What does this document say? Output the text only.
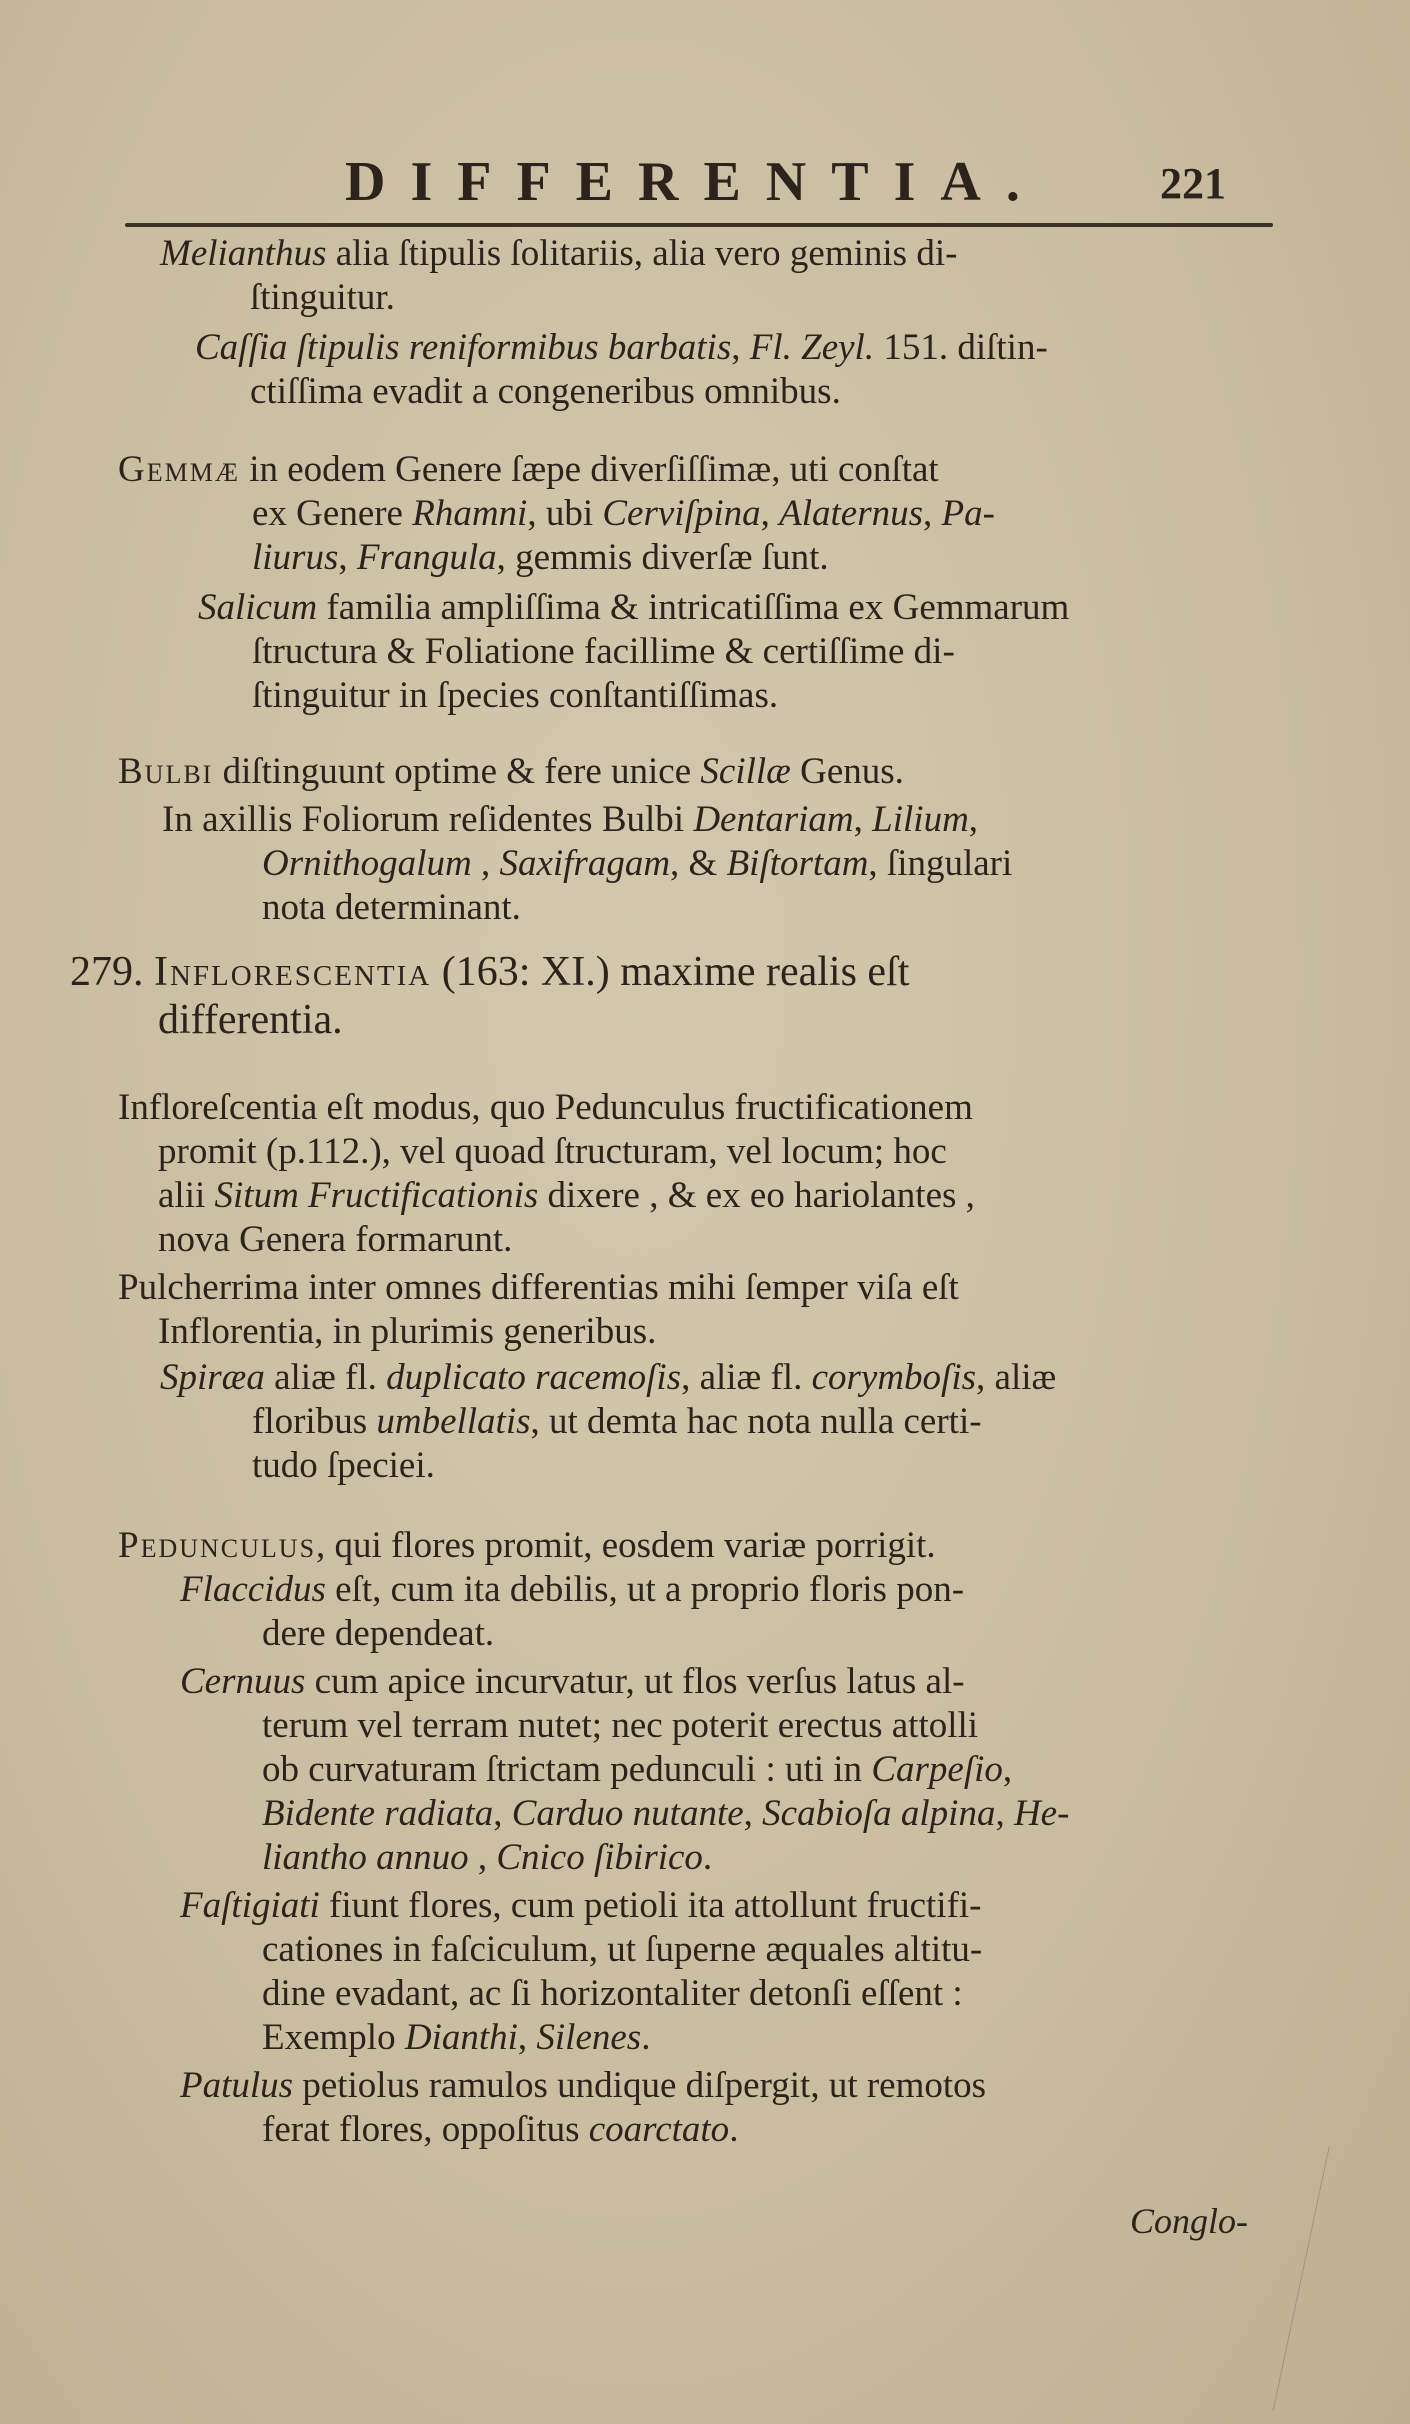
DIFFERENTIA.	221
Melianthus alia ſtipulis ſolitariis, alia vero geminis di-
ſtinguitur.
Caſſia ſtipulis reniformibus barbatis, Fl. Zeyl. 151. diſtin-
ctiſſima evadit a congeneribus omnibus.
Gemmæ in eodem Genere ſæpe diverſiſſimæ, uti conſtat
ex Genere Rhamni, ubi Cerviſpina, Alaternus, Pa-
liurus, Frangula, gemmis diverſæ ſunt.
Salicum familia ampliſſima & intricatiſſima ex Gemmarum
ſtructura & Foliatione facillime & certiſſime di-
ſtinguitur in ſpecies conſtantiſſimas.
Bulbi diſtinguunt optime & fere unice Scillæ Genus.
In axillis Foliorum reſidentes Bulbi Dentariam, Lilium,
Ornithogalum , Saxifragam, & Biſtortam, ſingulari
nota determinant.
279. Inflorescentia (163: XI.) maxime realis eſt
differentia.
Infloreſcentia eſt modus, quo Pedunculus fructificationem
promit (p.112.), vel quoad ſtructuram, vel locum; hoc
alii Situm Fructificationis dixere , & ex eo hariolantes ,
nova Genera formarunt.
Pulcherrima inter omnes differentias mihi ſemper viſa eſt
Inflorentia, in plurimis generibus.
Spiræa aliæ fl. duplicato racemoſis, aliæ fl. corymboſis, aliæ
floribus umbellatis, ut demta hac nota nulla certi-
tudo ſpeciei.
Pedunculus, qui flores promit, eosdem variæ porrigit.
Flaccidus eſt, cum ita debilis, ut a proprio floris pon-
dere dependeat.
Cernuus cum apice incurvatur, ut flos verſus latus al-
terum vel terram nutet; nec poterit erectus attolli
ob curvaturam ſtrictam pedunculi : uti in Carpeſio,
Bidente radiata, Carduo nutante, Scabioſa alpina, He-
liantho annuo , Cnico ſibirico.
Faſtigiati fiunt flores, cum petioli ita attollunt fructifi-
cationes in faſciculum, ut ſuperne æquales altitu-
dine evadant, ac ſi horizontaliter detonſi eſſent :
Exemplo Dianthi, Silenes.
Patulus petiolus ramulos undique diſpergit, ut remotos
ferat flores, oppoſitus coarctato.
Conglo-
